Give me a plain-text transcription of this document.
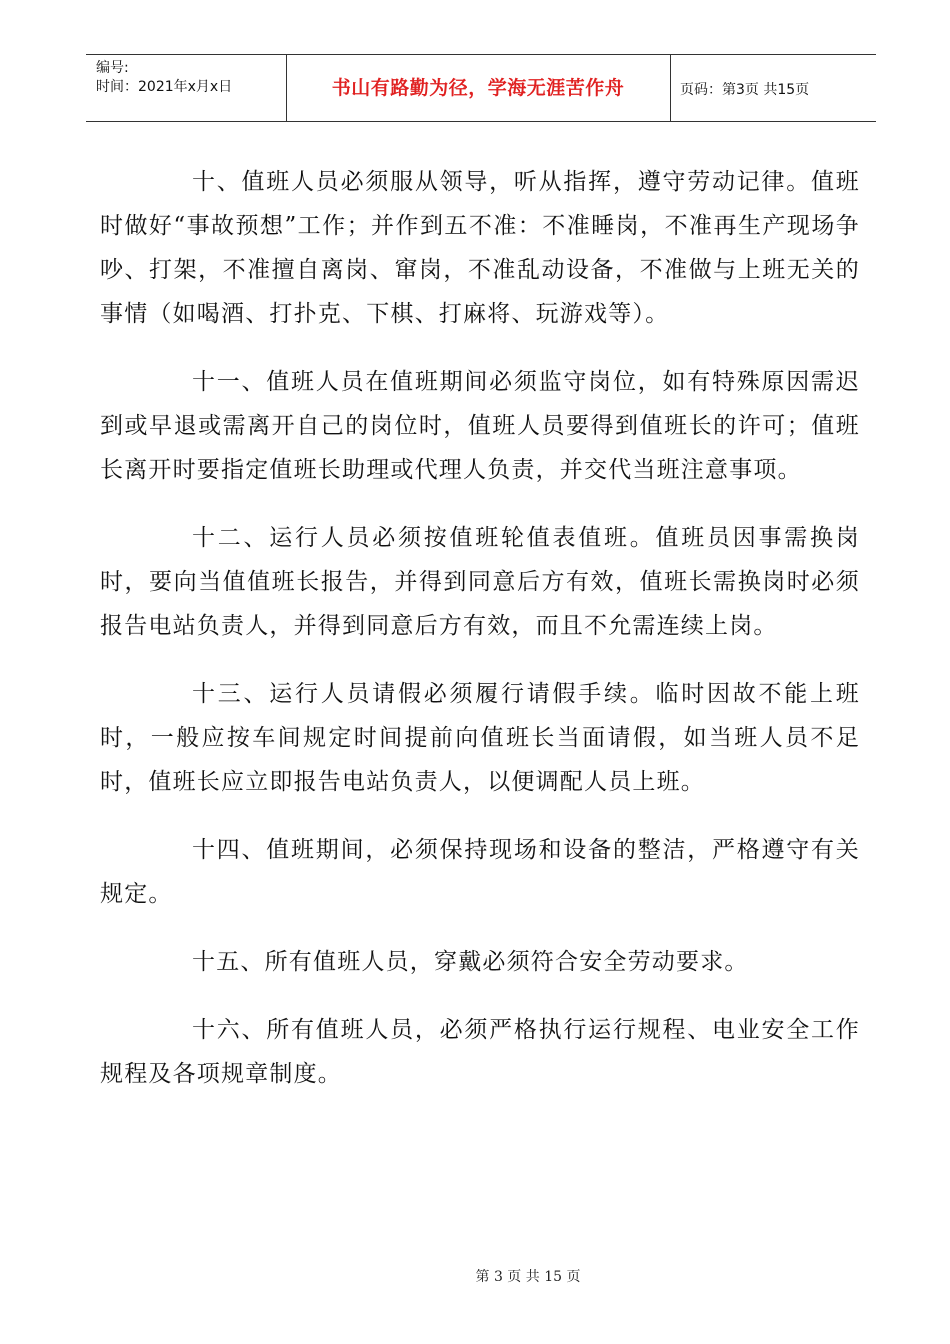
编号:
时间：2021年x月x日	书山有路勤为径，学海无涯苦作舟	页码：第3页 共15页

十、值班人员必须服从领导，听从指挥，遵守劳动记律。值班时做好“事故预想”工作；并作到五不准：不准睡岗，不准再生产现场争吵、打架，不准擅自离岗、窜岗，不准乱动设备，不准做与上班无关的事情（如喝酒、打扑克、下棋、打麻将、玩游戏等）。

十一、值班人员在值班期间必须监守岗位，如有特殊原因需迟到或早退或需离开自己的岗位时，值班人员要得到值班长的许可；值班长离开时要指定值班长助理或代理人负责，并交代当班注意事项。

十二、运行人员必须按值班轮值表值班。值班员因事需换岗时，要向当值值班长报告，并得到同意后方有效，值班长需换岗时必须报告电站负责人，并得到同意后方有效，而且不允需连续上岗。

十三、运行人员请假必须履行请假手续。临时因故不能上班时，一般应按车间规定时间提前向值班长当面请假，如当班人员不足时，值班长应立即报告电站负责人，以便调配人员上班。

十四、值班期间，必须保持现场和设备的整洁，严格遵守有关规定。

十五、所有值班人员，穿戴必须符合安全劳动要求。

十六、所有值班人员，必须严格执行运行规程、电业安全工作规程及各项规章制度。

第 3 页 共 15 页
